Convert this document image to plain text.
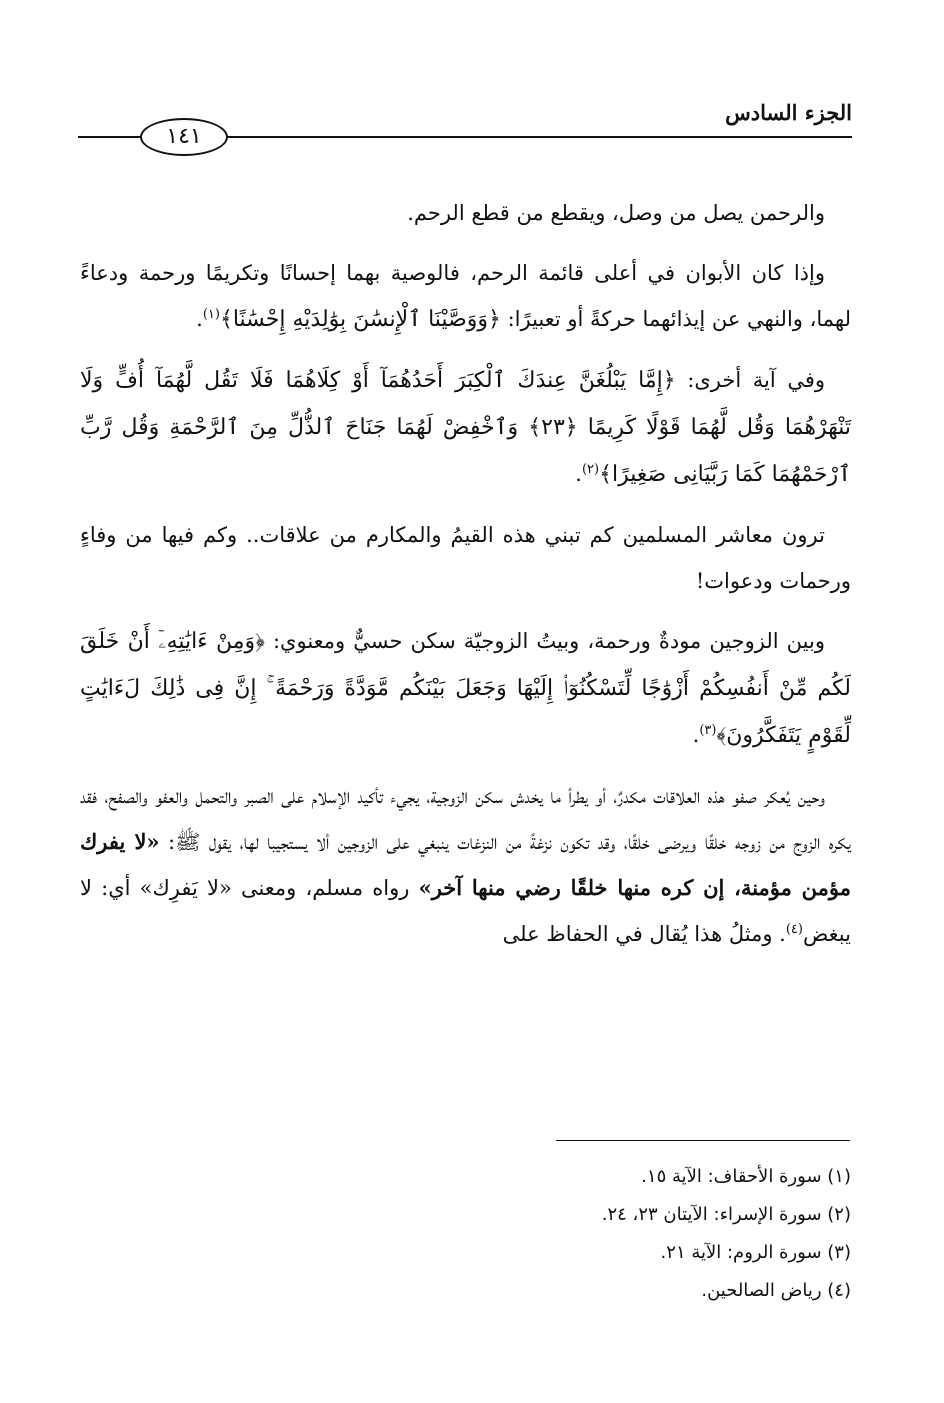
الجزء السادس
١٤١

والرحمن يصل من وصل، ويقطع من قطع الرحم.

وإذا كان الأبوان في أعلى قائمة الرحم، فالوصية بهما إحسانًا وتكريمًا ورحمة ودعاءً لهما، والنهي عن إيذائهما حركةً أو تعبيرًا: ﴿وَوَصَّيْنَا ٱلْإِنسَٰنَ بِوَٰلِدَيْهِ إِحْسَٰنًا﴾$^{(١)}$.

وفي آية أخرى: ﴿إِمَّا يَبْلُغَنَّ عِندَكَ ٱلْكِبَرَ أَحَدُهُمَآ أَوْ كِلَاهُمَا فَلَا تَقُل لَّهُمَآ أُفٍّ وَلَا تَنْهَرْهُمَا وَقُل لَّهُمَا قَوْلًا كَرِيمًا ﴿٢٣﴾ وَٱخْفِضْ لَهُمَا جَنَاحَ ٱلذُّلِّ مِنَ ٱلرَّحْمَةِ وَقُل رَّبِّ ٱرْحَمْهُمَا كَمَا رَبَّيَانِى صَغِيرًا﴾$^{(٢)}$.

ترون معاشر المسلمين كم تبني هذه القيمُ والمكارم من علاقات.. وكم فيها من وفاءٍ ورحمات ودعوات!

وبين الزوجين مودةٌ ورحمة، وبيتُ الزوجيّة سكن حسيٌّ ومعنوي: ﴿وَمِنْ ءَايَٰتِهِۦٓ أَنْ خَلَقَ لَكُم مِّنْ أَنفُسِكُمْ أَزْوَٰجًا لِّتَسْكُنُوٓا۟ إِلَيْهَا وَجَعَلَ بَيْنَكُم مَّوَدَّةً وَرَحْمَةً ۚ إِنَّ فِى ذَٰلِكَ لَءَايَٰتٍ لِّقَوْمٍ يَتَفَكَّرُونَ﴾$^{(٣)}$.

وحين يُعكر صفو هذه العلاقات مكدرٌ، أو يطرأ ما يخدش سكن الزوجية، يجيء تأكيد الإسلام على الصبر والتحمل والعفو والصفح، فقد يكره الزوج من زوجه خلقًا ويرضى خلقًا، وقد تكون نزغةً من النزغات ينبغي على الزوجين ألا يستجيبا لها، يقول ﷺ: «لا يفرك مؤمن مؤمنة، إن كره منها خلقًا رضي منها آخر» رواه مسلم، ومعنى «لا يَفرِك» أي: لا يبغض$^{(٤)}$. ومثلُ هذا يُقال في الحفاظ على

(١) سورة الأحقاف: الآية ١٥.

(٢) سورة الإسراء: الآيتان ٢٣، ٢٤.

(٣) سورة الروم: الآية ٢١.

(٤) رياض الصالحين.
